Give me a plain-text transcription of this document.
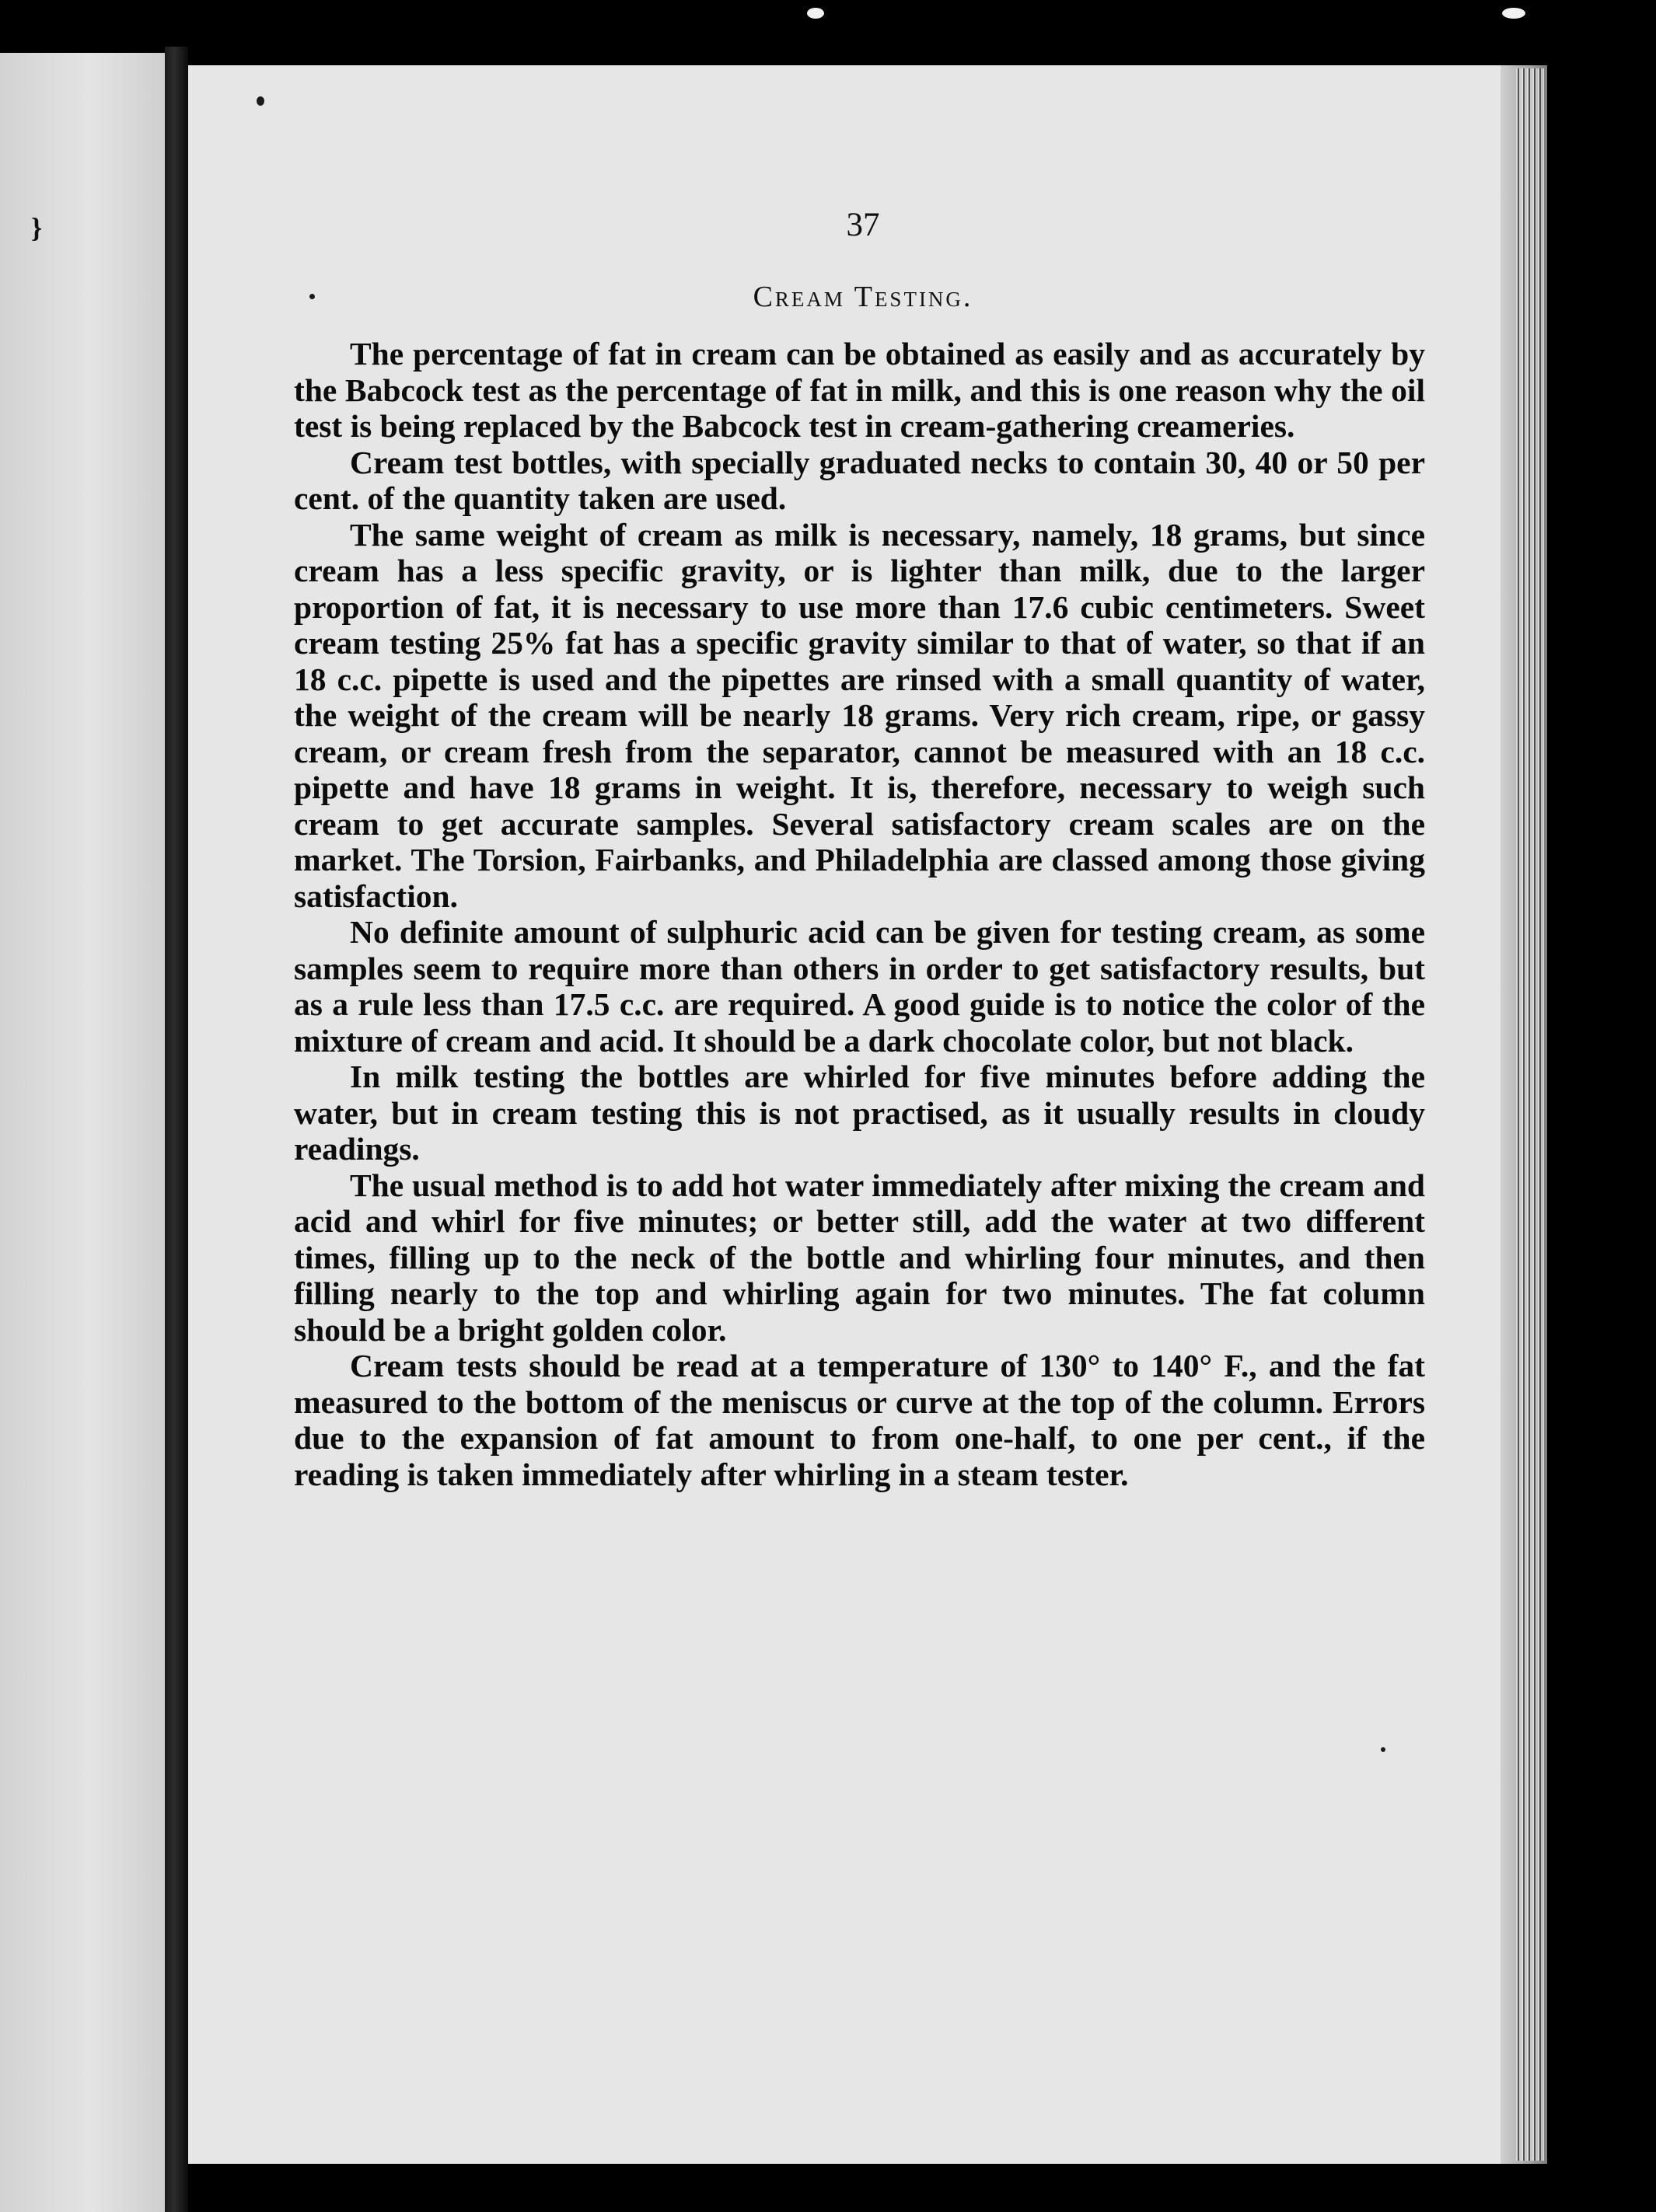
}	37
Cream Testing.

The percentage of fat in cream can be obtained as easily and as accurately by the Babcock test as the percentage of fat in milk, and this is one reason why the oil test is being replaced by the Babcock test in cream-gathering creameries.

Cream test bottles, with specially graduated necks to contain 30, 40 or 50 per cent. of the quantity taken are used.

The same weight of cream as milk is necessary, namely, 18 grams, but since cream has a less specific gravity, or is lighter than milk, due to the larger proportion of fat, it is necessary to use more than 17.6 cubic centimeters. Sweet cream testing 25% fat has a specific gravity similar to that of water, so that if an 18 c.c. pipette is used and the pipettes are rinsed with a small quantity of water, the weight of the cream will be nearly 18 grams. Very rich cream, ripe, or gassy cream, or cream fresh from the separator, cannot be measured with an 18 c.c. pipette and have 18 grams in weight. It is, therefore, necessary to weigh such cream to get accurate samples. Several satisfactory cream scales are on the market. The Torsion, Fairbanks, and Philadelphia are classed among those giving satisfaction.

No definite amount of sulphuric acid can be given for testing cream, as some samples seem to require more than others in order to get satisfactory results, but as a rule less than 17.5 c.c. are required. A good guide is to notice the color of the mixture of cream and acid. It should be a dark chocolate color, but not black.

In milk testing the bottles are whirled for five minutes before adding the water, but in cream testing this is not practised, as it usually results in cloudy readings.

The usual method is to add hot water immediately after mixing the cream and acid and whirl for five minutes; or better still, add the water at two different times, filling up to the neck of the bottle and whirling four minutes, and then filling nearly to the top and whirling again for two minutes. The fat column should be a bright golden color.

Cream tests should be read at a temperature of 130° to 140° F., and the fat measured to the bottom of the meniscus or curve at the top of the column. Errors due to the expansion of fat amount to from one-half, to one per cent., if the reading is taken immediately after whirling in a steam tester.
